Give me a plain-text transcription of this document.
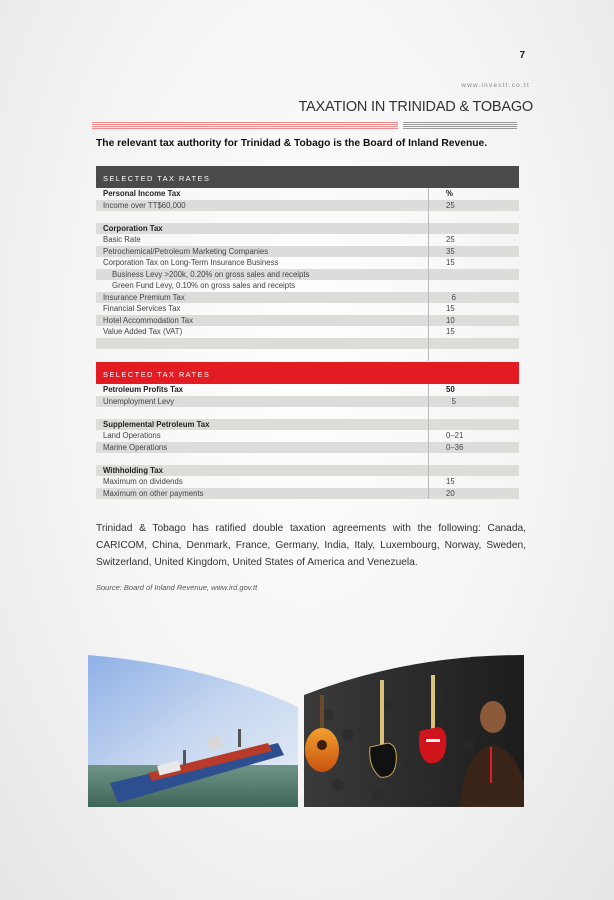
7
www.investt.co.tt
TAXATION IN TRINIDAD & TOBAGO
The relevant tax authority for Trinidad & Tobago is the Board of Inland Revenue.
SELECTED TAX RATES
Personal Income Tax	%
Income over TT$60,000	25
Corporation Tax
Basic Rate	25
Petrochemical/Petroleum Marketing Companies	35
Corporation Tax on Long-Term Insurance Business	15
Business Levy >200k, 0.20% on gross sales and receipts
Green Fund Levy, 0.10% on gross sales and receipts
Insurance Premium Tax	6
Financial Services Tax	15
Hotel Accommodation Tax	10
Value Added Tax (VAT)	15
SELECTED TAX RATES
Petroleum Profits Tax	50
Unemployment Levy	5
Supplemental Petroleum Tax
Land Operations	0–21
Marine Operations	0–36
Withholding Tax
Maximum on dividends	15
Maximum on other payments	20
Trinidad & Tobago has ratified double taxation agreements with the following: Canada, CARICOM, China, Denmark, France, Germany, India, Italy, Luxembourg, Norway, Sweden, Switzerland, United Kingdom, United States of America and Venezuela.
Source: Board of Inland Revenue, www.ird.gov.tt
